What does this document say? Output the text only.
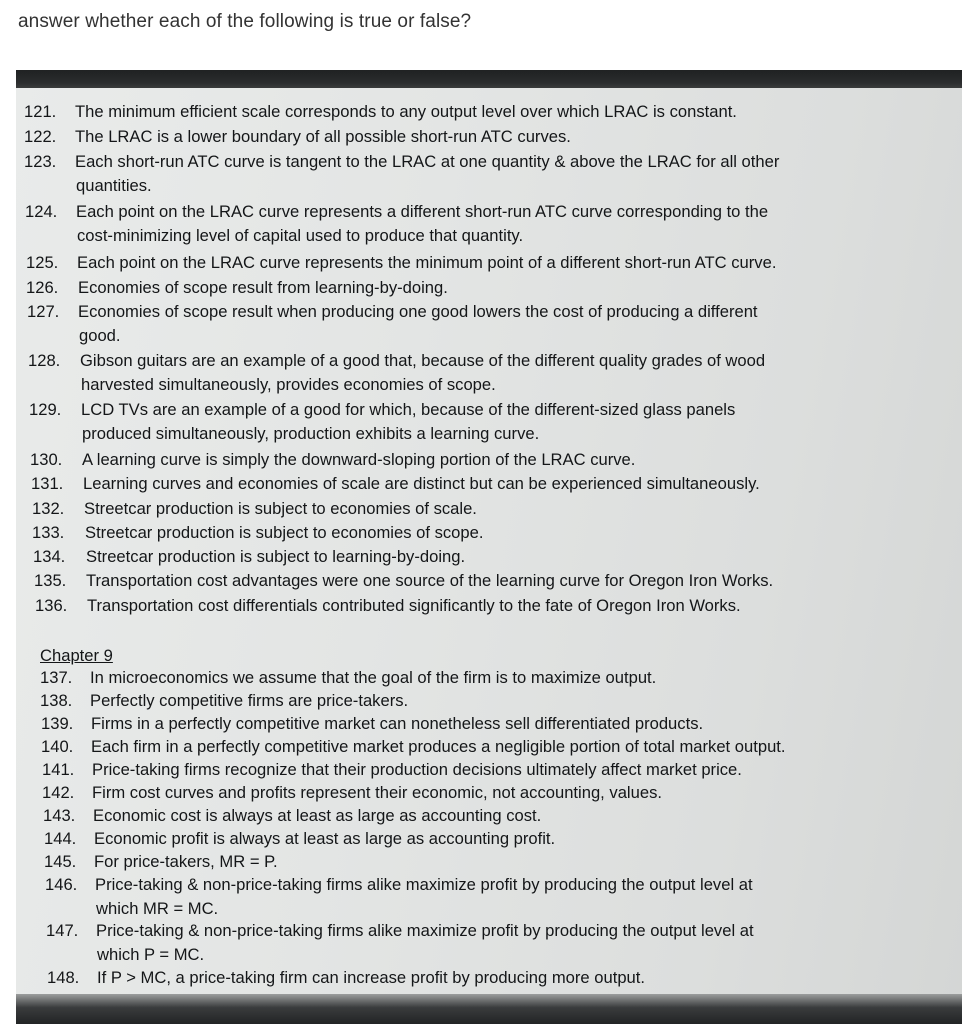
answer whether each of the following is true or false?
121. The minimum efficient scale corresponds to any output level over which LRAC is constant.
122. The LRAC is a lower boundary of all possible short-run ATC curves.
123. Each short-run ATC curve is tangent to the LRAC at one quantity & above the LRAC for all other
quantities.
124. Each point on the LRAC curve represents a different short-run ATC curve corresponding to the
cost-minimizing level of capital used to produce that quantity.
125. Each point on the LRAC curve represents the minimum point of a different short-run ATC curve.
126. Economies of scope result from learning-by-doing.
127. Economies of scope result when producing one good lowers the cost of producing a different
good.
128. Gibson guitars are an example of a good that, because of the different quality grades of wood
harvested simultaneously, provides economies of scope.
129. LCD TVs are an example of a good for which, because of the different-sized glass panels
produced simultaneously, production exhibits a learning curve.
130. A learning curve is simply the downward-sloping portion of the LRAC curve.
131. Learning curves and economies of scale are distinct but can be experienced simultaneously.
132. Streetcar production is subject to economies of scale.
133. Streetcar production is subject to economies of scope.
134. Streetcar production is subject to learning-by-doing.
135. Transportation cost advantages were one source of the learning curve for Oregon Iron Works.
136. Transportation cost differentials contributed significantly to the fate of Oregon Iron Works.
Chapter 9
137. In microeconomics we assume that the goal of the firm is to maximize output.
138. Perfectly competitive firms are price-takers.
139. Firms in a perfectly competitive market can nonetheless sell differentiated products.
140. Each firm in a perfectly competitive market produces a negligible portion of total market output.
141. Price-taking firms recognize that their production decisions ultimately affect market price.
142. Firm cost curves and profits represent their economic, not accounting, values.
143. Economic cost is always at least as large as accounting cost.
144. Economic profit is always at least as large as accounting profit.
145. For price-takers, MR = P.
146. Price-taking & non-price-taking firms alike maximize profit by producing the output level at
which MR = MC.
147. Price-taking & non-price-taking firms alike maximize profit by producing the output level at
which P = MC.
148. If P > MC, a price-taking firm can increase profit by producing more output.
